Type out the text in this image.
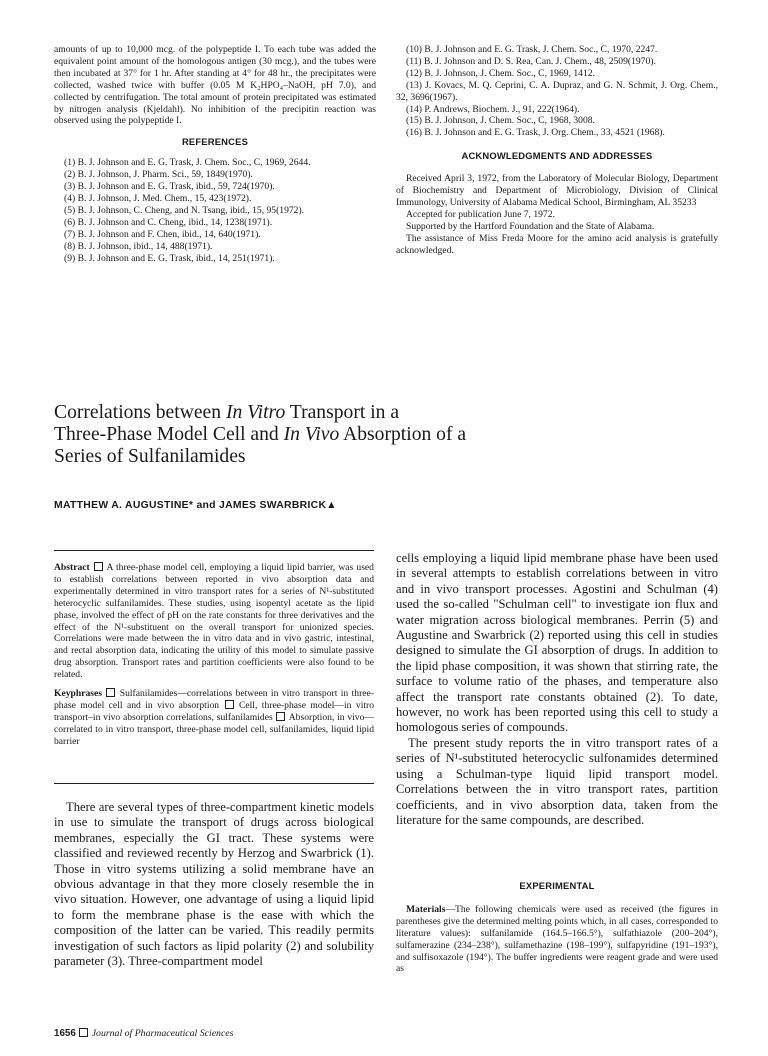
amounts of up to 10,000 mcg. of the polypeptide I. To each tube was added the equivalent point amount of the homologous antigen (30 mcg.), and the tubes were then incubated at 37° for 1 hr. After standing at 4° for 48 hr., the precipitates were collected, washed twice with buffer (0.05 M K₂HPO₄–NaOH, pH 7.0), and collected by centrifugation. The total amount of protein precipitated was estimated by nitrogen analysis (Kjeldahl). No inhibition of the precipitin reaction was observed using the polypeptide I.

REFERENCES

(1) B. J. Johnson and E. G. Trask, J. Chem. Soc., C, 1969, 2644.

(2) B. J. Johnson, J. Pharm. Sci., 59, 1849(1970).

(3) B. J. Johnson and E. G. Trask, ibid., 59, 724(1970).

(4) B. J. Johnson, J. Med. Chem., 15, 423(1972).

(5) B. J. Johnson, C. Cheng, and N. Tsang, ibid., 15, 95(1972).

(6) B. J. Johnson and C. Cheng, ibid., 14, 1238(1971).

(7) B. J. Johnson and F. Chen, ibid., 14, 640(1971).

(8) B. J. Johnson, ibid., 14, 488(1971).

(9) B. J. Johnson and E. G. Trask, ibid., 14, 251(1971).

(10) B. J. Johnson and E. G. Trask, J. Chem. Soc., C, 1970, 2247.

(11) B. J. Johnson and D. S. Rea, Can. J. Chem., 48, 2509(1970).

(12) B. J. Johnson, J. Chem. Soc., C, 1969, 1412.

(13) J. Kovacs, M. Q. Ceprini, C. A. Dupraz, and G. N. Schmit, J. Org. Chem., 32, 3696(1967).

(14) P. Andrews, Biochem. J., 91, 222(1964).

(15) B. J. Johnson, J. Chem. Soc., C, 1968, 3008.

(16) B. J. Johnson and E. G. Trask, J. Org. Chem., 33, 4521 (1968).

ACKNOWLEDGMENTS AND ADDRESSES

Received April 3, 1972, from the Laboratory of Molecular Biology, Department of Biochemistry and Department of Microbiology, Division of Clinical Immunology, University of Alabama Medical School, Birmingham, AL 35233

Accepted for publication June 7, 1972.

Supported by the Hartford Foundation and the State of Alabama.

The assistance of Miss Freda Moore for the amino acid analysis is gratefully acknowledged.

Correlations between In Vitro Transport in a
Three-Phase Model Cell and In Vivo Absorption of a
Series of Sulfanilamides
MATTHEW A. AUGUSTINE* and JAMES SWARBRICK▲

Abstract A three-phase model cell, employing a liquid lipid barrier, was used to establish correlations between reported in vivo absorption data and experimentally determined in vitro transport rates for a series of N¹-substituted heterocyclic sulfanilamides. These studies, using isopentyl acetate as the lipid phase, involved the effect of pH on the rate constants for three derivatives and the effect of the N¹-substituent on the overall transport for unionized species. Correlations were made between the in vitro data and in vivo gastric, intestinal, and rectal absorption data, indicating the utility of this model to simulate passive drug absorption. Transport rates and partition coefficients were also found to be related.

Keyphrases Sulfanilamides—correlations between in vitro transport in three-phase model cell and in vivo absorption Cell, three-phase model—in vitro transport–in vivo absorption correlations, sulfanilamides Absorption, in vivo—correlated to in vitro transport, three-phase model cell, sulfanilamides, liquid lipid barrier

There are several types of three-compartment kinetic models in use to simulate the transport of drugs across biological membranes, especially the GI tract. These systems were classified and reviewed recently by Herzog and Swarbrick (1). Those in vitro systems utilizing a solid membrane have an obvious advantage in that they more closely resemble the in vivo situation. However, one advantage of using a liquid lipid to form the membrane phase is the ease with which the composition of the latter can be varied. This readily permits investigation of such factors as lipid polarity (2) and solubility parameter (3). Three-compartment model

cells employing a liquid lipid membrane phase have been used in several attempts to establish correlations between in vitro and in vivo transport processes. Agostini and Schulman (4) used the so-called "Schulman cell" to investigate ion flux and water migration across biological membranes. Perrin (5) and Augustine and Swarbrick (2) reported using this cell in studies designed to simulate the GI absorption of drugs. In addition to the lipid phase composition, it was shown that stirring rate, the surface to volume ratio of the phases, and temperature also affect the transport rate constants obtained (2). To date, however, no work has been reported using this cell to study a homologous series of compounds.

The present study reports the in vitro transport rates of a series of N¹-substituted heterocyclic sulfonamides determined using a Schulman-type liquid lipid transport model. Correlations between the in vitro transport rates, partition coefficients, and in vivo absorption data, taken from the literature for the same compounds, are described.

EXPERIMENTAL

Materials—The following chemicals were used as received (the figures in parentheses give the determined melting points which, in all cases, corresponded to literature values): sulfanilamide (164.5–166.5°), sulfathiazole (200–204°), sulfamerazine (234–238°), sulfamethazine (198–199°), sulfapyridine (191–193°), and sulfisoxazole (194°). The buffer ingredients were reagent grade and were used as

1656 Journal of Pharmaceutical Sciences
